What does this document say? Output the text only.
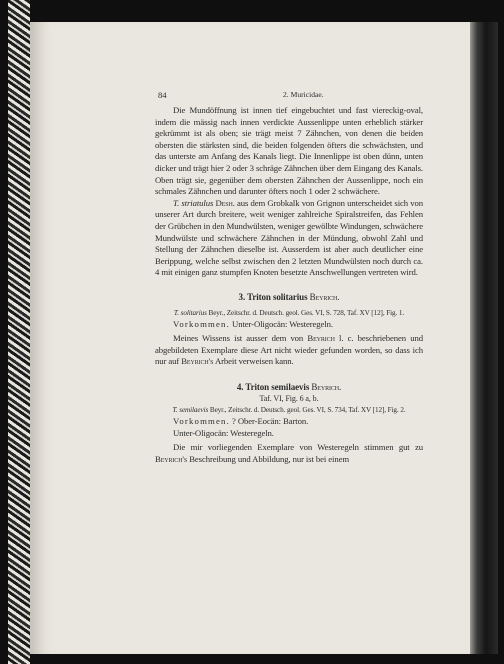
84	2. Muricidae.

Die Mundöffnung ist innen tief eingebuchtet und fast viereckig-oval, indem die mässig nach innen verdickte Aussenlippe unten erheblich stärker gekrümmt ist als oben; sie trägt meist 7 Zähnchen, von denen die beiden obersten die stärksten sind, die beiden folgenden öfters die schwächsten, und das unterste am Anfang des Kanals liegt. Die Innenlippe ist oben dünn, unten dicker und trägt hier 2 oder 3 schräge Zähnchen über dem Eingang des Kanals. Oben trägt sie, gegenüber dem obersten Zähnchen der Aussenlippe, noch ein schmales Zähnchen und darunter öfters noch 1 oder 2 schwächere.

T. striatulus Desh. aus dem Grobkalk von Grignon unterscheidet sich von unserer Art durch breitere, weit weniger zahlreiche Spiralstreifen, das Fehlen der Grübchen in den Mundwülsten, weniger gewölbte Windungen, schwächere Mundwülste und schwächere Zähnchen in der Mündung, obwohl Zahl und Stellung der Zähnchen dieselbe ist. Ausserdem ist aber auch deutlicher eine Berippung, welche selbst zwischen den 2 letzten Mundwülsten noch durch ca. 4 mit einigen ganz stumpfen Knoten besetzte Anschwellungen vertreten wird.

3. Triton solitarius Beyrich.

T. solitarius Beyr., Zeitschr. d. Deutsch. geol. Ges. VI, S. 728, Taf. XV [12], Fig. 1.

Vorkommen. Unter-Oligocän: Westeregeln.

Meines Wissens ist ausser dem von Beyrich l. c. beschriebenen und abgebildeten Exemplare diese Art nicht wieder gefunden worden, so dass ich nur auf Beyrich's Arbeit verweisen kann.

4. Triton semilaevis Beyrich.

Taf. VI, Fig. 6 a, b.

T. semilaevis Beyr., Zeitschr. d. Deutsch. geol. Ges. VI, S. 734, Taf. XV [12], Fig. 2.

Vorkommen. ? Ober-Eocän: Barton.

Unter-Oligocän: Westeregeln.

Die mir vorliegenden Exemplare von Westeregeln stimmen gut zu Beyrich's Beschreibung und Abbildung, nur ist bei einem
